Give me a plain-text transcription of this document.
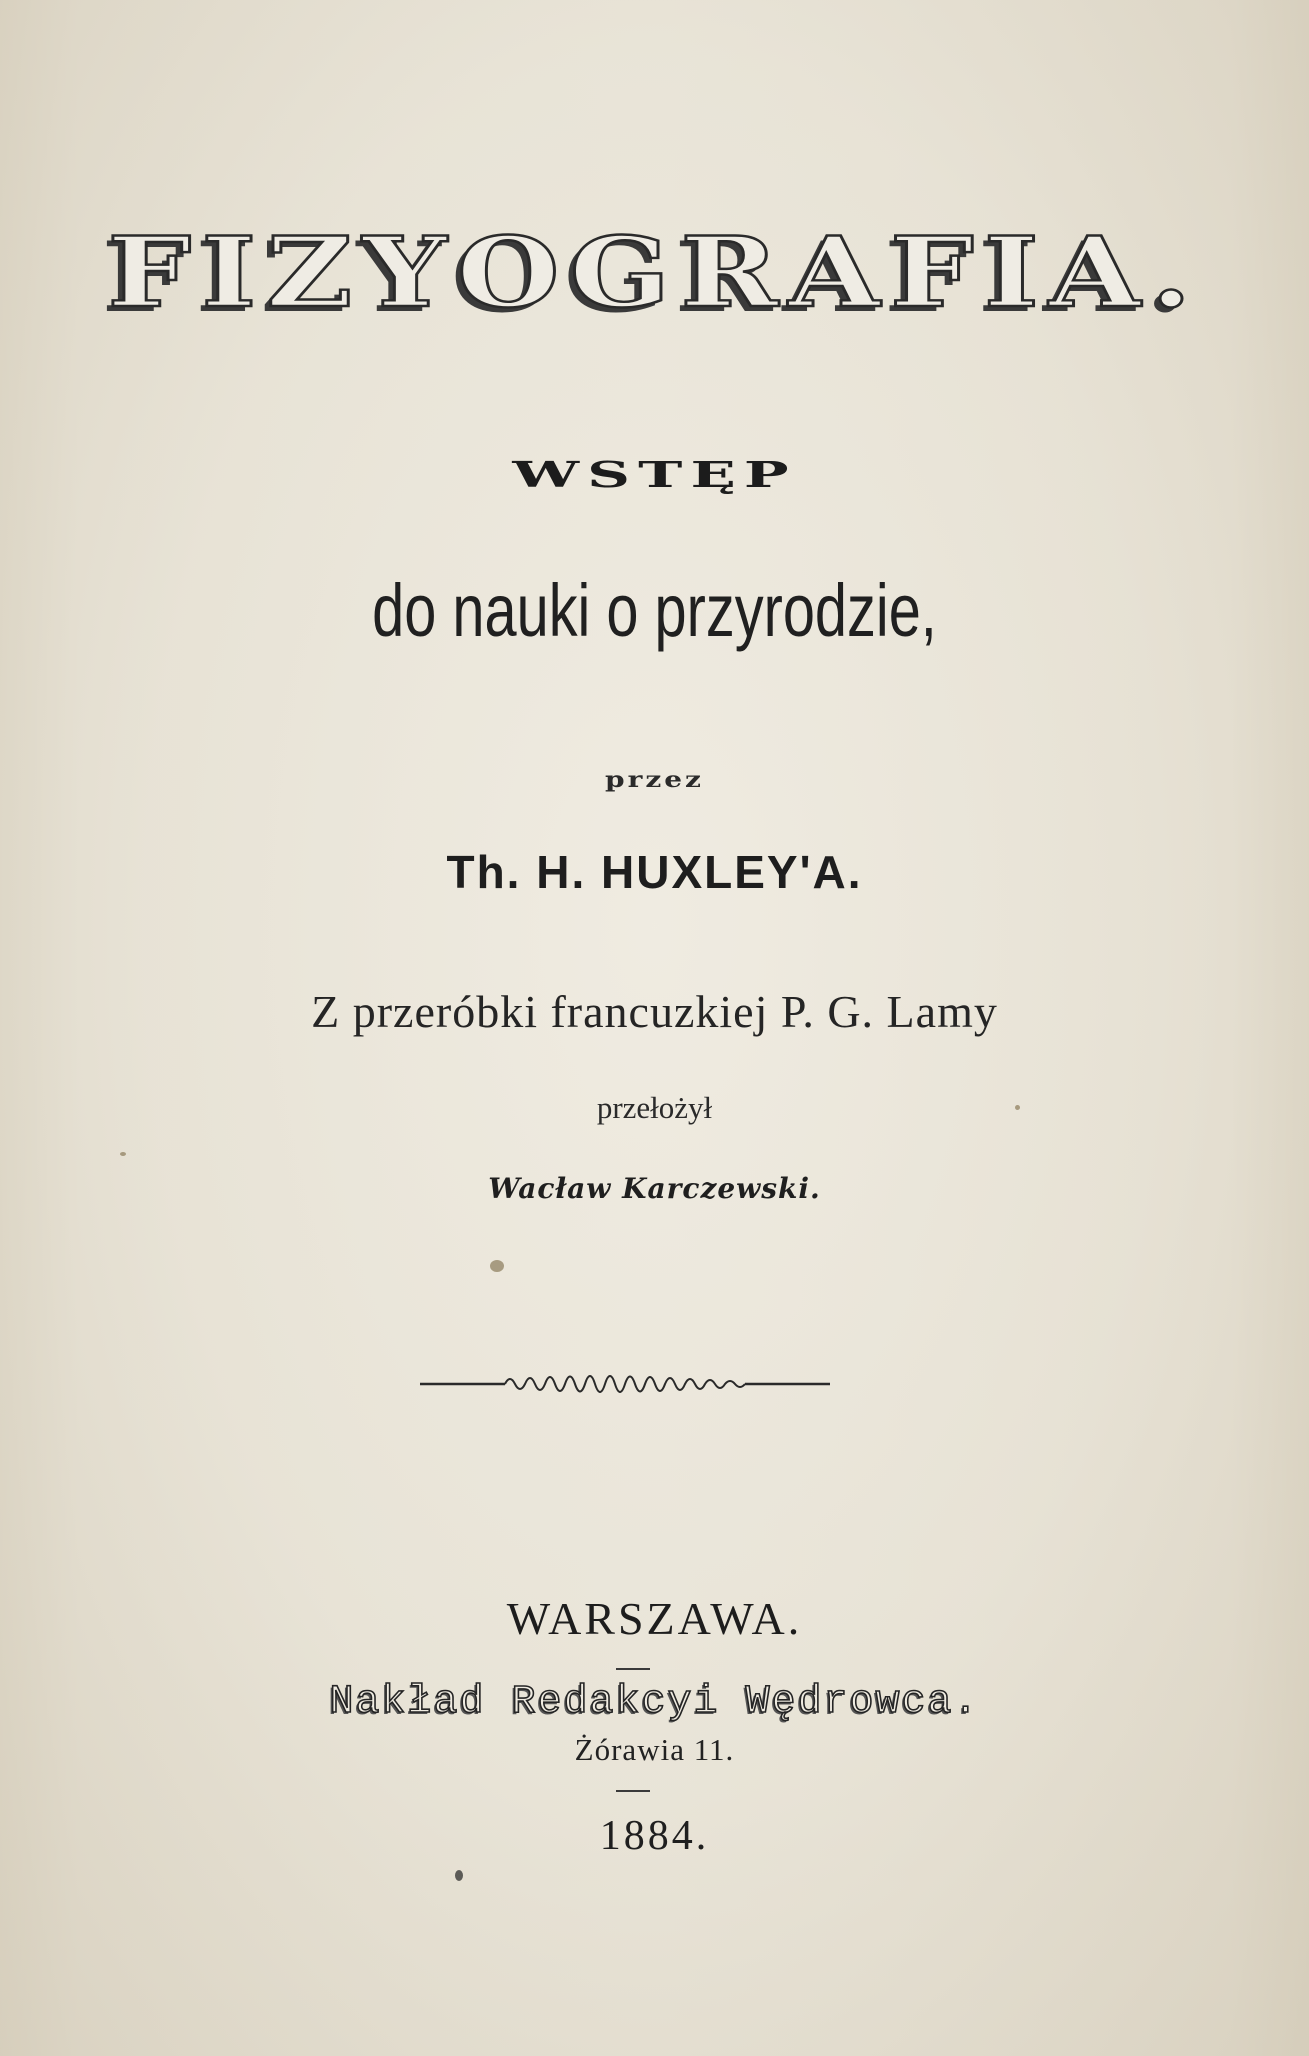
FIZYOGRAFIA.
WSTĘP
do nauki o przyrodzie,
przez
Th. H. HUXLEY'A.
Z przeróbki francuzkiej P. G. Lamy
przełożył
Wacław Karczewski.
WARSZAWA.
Nakład Redakcyi Wędrowca.
Żórawia 11.
1884.
